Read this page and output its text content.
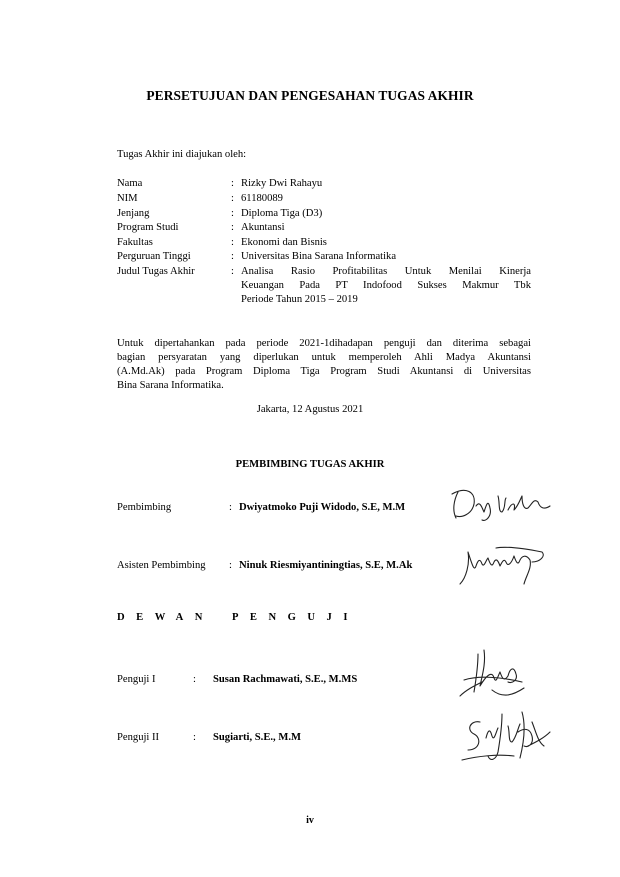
PERSETUJUAN DAN PENGESAHAN TUGAS AKHIR
Tugas Akhir ini diajukan oleh:
Nama	: Rizky Dwi Rahayu
NIM	: 61180089
Jenjang	: Diploma Tiga (D3)
Program Studi	: Akuntansi
Fakultas	: Ekonomi dan Bisnis
Perguruan Tinggi	: Universitas Bina Sarana Informatika
Judul Tugas Akhir	: Analisa Rasio Profitabilitas Untuk Menilai Kinerja
Keuangan Pada PT Indofood Sukses Makmur Tbk
Periode Tahun 2015 – 2019
Untuk dipertahankan pada periode 2021-1dihadapan penguji dan diterima sebagai
bagian persyaratan yang diperlukan untuk memperoleh Ahli Madya Akuntansi
(A.Md.Ak) pada Program Diploma Tiga Program Studi Akuntansi di Universitas
Bina Sarana Informatika.
Jakarta, 12 Agustus 2021
PEMBIMBING TUGAS AKHIR
Pembimbing	: Dwiyatmoko Puji Widodo, S.E, M.M
Asisten Pembimbing : Ninuk Riesmiyantiningtias, S.E, M.Ak
DEWAN PENGUJI
Penguji I	: Susan Rachmawati, S.E., M.MS
Penguji II	: Sugiarti, S.E., M.M
iv
